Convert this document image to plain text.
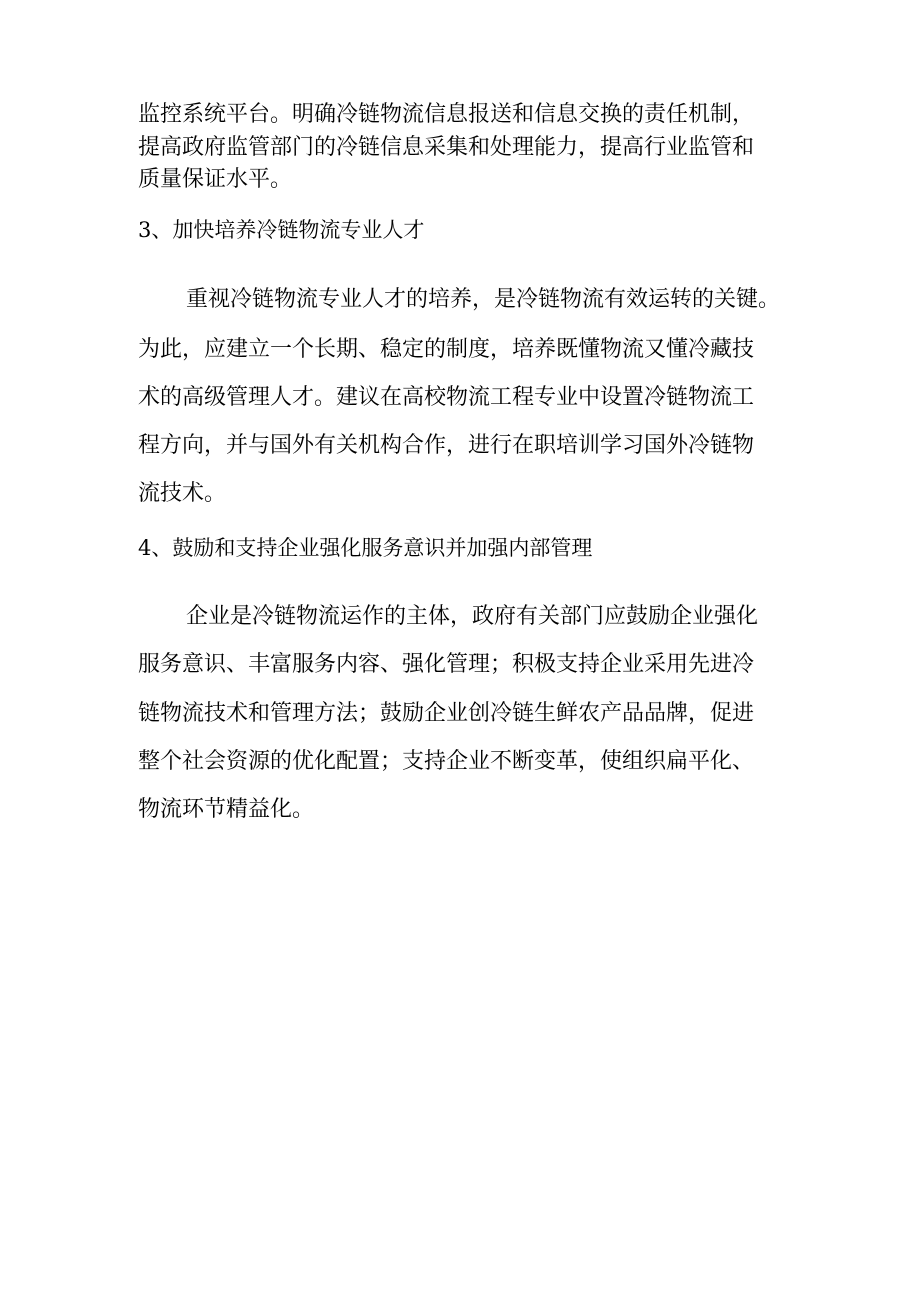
监控系统平台。明确冷链物流信息报送和信息交换的责任机制，

提高政府监管部门的冷链信息采集和处理能力，提高行业监管和

质量保证水平。

3、加快培养冷链物流专业人才

重视冷链物流专业人才的培养，是冷链物流有效运转的关键。

为此，应建立一个长期、稳定的制度，培养既懂物流又懂冷藏技

术的高级管理人才。建议在高校物流工程专业中设置冷链物流工

程方向，并与国外有关机构合作，进行在职培训学习国外冷链物

流技术。

4、鼓励和支持企业强化服务意识并加强内部管理

企业是冷链物流运作的主体，政府有关部门应鼓励企业强化

服务意识、丰富服务内容、强化管理；积极支持企业采用先进冷

链物流技术和管理方法；鼓励企业创冷链生鲜农产品品牌，促进

整个社会资源的优化配置；支持企业不断变革，使组织扁平化、

物流环节精益化。
